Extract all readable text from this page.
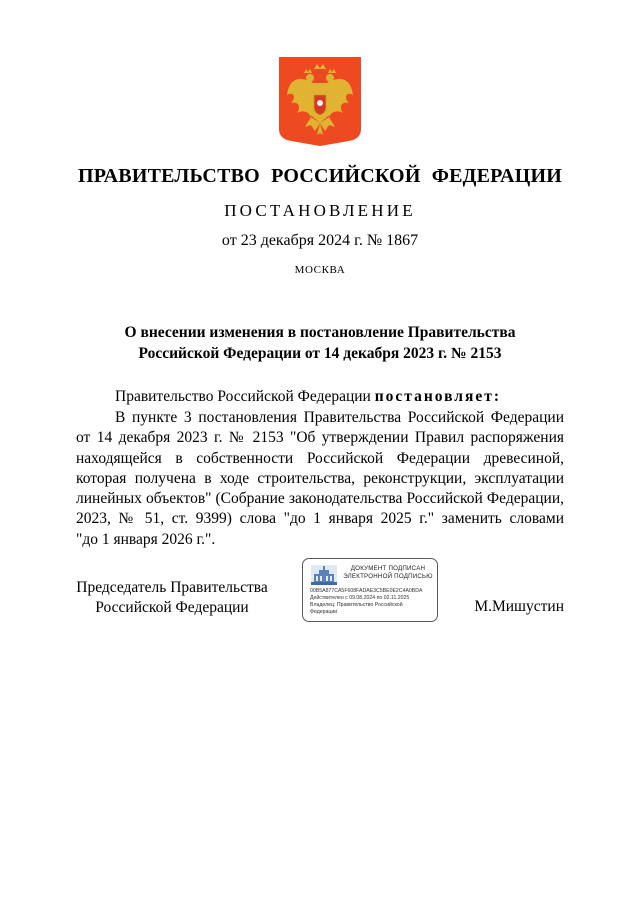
ПРАВИТЕЛЬСТВО РОССИЙСКОЙ ФЕДЕРАЦИИ
ПОСТАНОВЛЕНИЕ
от 23 декабря 2024 г. № 1867
МОСКВА
О внесении изменения в постановление Правительства
Российской Федерации от 14 декабря 2023 г. № 2153
Правительство Российской Федерации постановляет:
В пункте 3 постановления Правительства Российской Федерации
от 14 декабря 2023 г. № 2153 "Об утверждении Правил распоряжения
находящейся в собственности Российской Федерации древесиной,
которая получена в ходе строительства, реконструкции, эксплуатации
линейных объектов" (Собрание законодательства Российской Федерации,
2023, № 51, ст. 9399) слова "до 1 января 2025 г." заменить словами
"до 1 января 2026 г.".
Председатель Правительства
Российской Федерации
ДОКУМЕНТ ПОДПИСАН
ЭЛЕКТРОННОЙ ПОДПИСЬЮ
00B5A877CA5F608FADAE3C5BE0E2C4A0BDA
Действителен с 09.08.2024 по 02.11.2025
Владелец: Правительство Российской
Федерации	М.Мишустин
